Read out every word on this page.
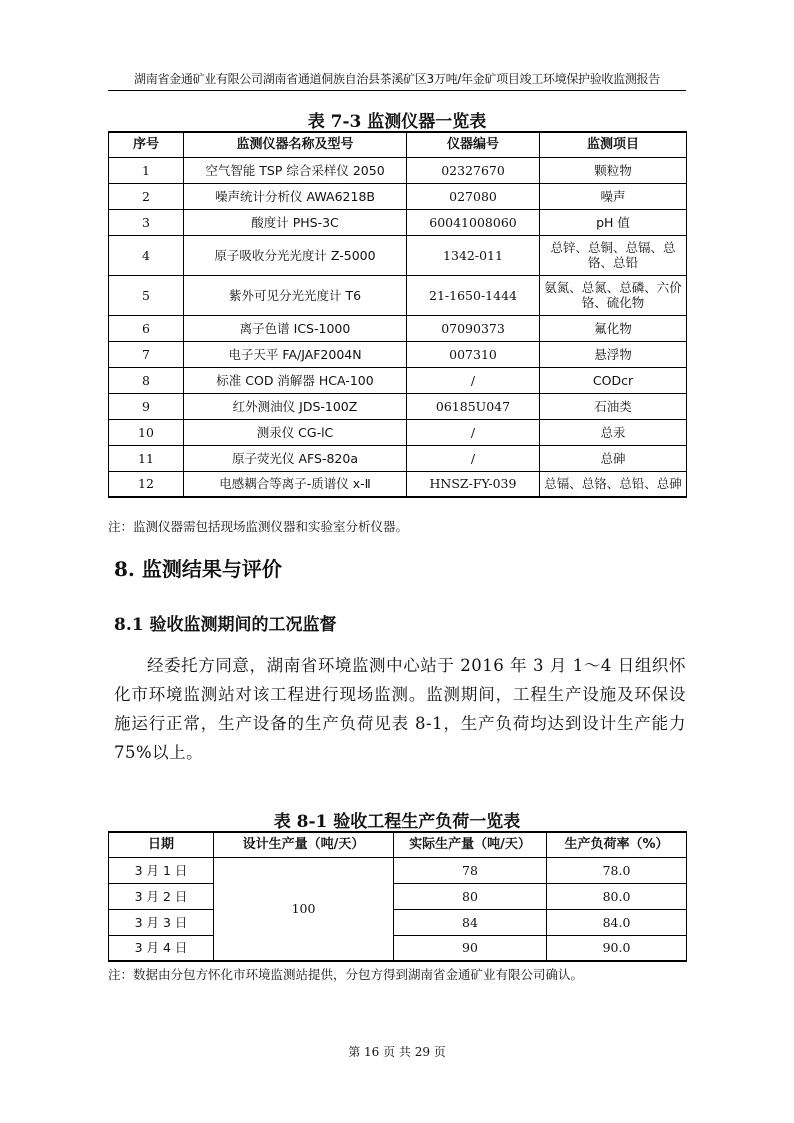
湖南省金通矿业有限公司湖南省通道侗族自治县茶溪矿区3万吨/年金矿项目竣工环境保护验收监测报告
表 7-3 监测仪器一览表
序号	监测仪器名称及型号	仪器编号	监测项目
1	空气智能 TSP 综合采样仪 2050	02327670	颗粒物
2	噪声统计分析仪 AWA6218B	027080	噪声
3	酸度计 PHS-3C	60041008060	pH 值
4	原子吸收分光光度计 Z-5000	1342-011	总锌、总铜、总镉、总铬、总铅
5	紫外可见分光光度计 T6	21-1650-1444	氨氮、总氮、总磷、六价铬、硫化物
6	离子色谱 ICS-1000	07090373	氟化物
7	电子天平 FA/JAF2004N	007310	悬浮物
8	标准 COD 消解器 HCA-100	/	CODcr
9	红外测油仪 JDS-100Z	06185U047	石油类
10	测汞仪 CG-lC	/	总汞
11	原子荧光仪 AFS-820a	/	总砷
12	电感耦合等离子-质谱仪 x-Ⅱ	HNSZ-FY-039	总镉、总铬、总铅、总砷
注：监测仪器需包括现场监测仪器和实验室分析仪器。
8. 监测结果与评价
8.1 验收监测期间的工况监督
经委托方同意，湖南省环境监测中心站于 2016 年 3 月 1～4 日组织怀化市环境监测站对该工程进行现场监测。监测期间，工程生产设施及环保设施运行正常，生产设备的生产负荷见表 8-1，生产负荷均达到设计生产能力 75%以上。
表 8-1 验收工程生产负荷一览表
日期	设计生产量（吨/天）	实际生产量（吨/天）	生产负荷率（%）
3 月 1 日	100	78	78.0
3 月 2 日		80	80.0
3 月 3 日		84	84.0
3 月 4 日		90	90.0
注：数据由分包方怀化市环境监测站提供，分包方得到湖南省金通矿业有限公司确认。
第 16 页 共 29 页
